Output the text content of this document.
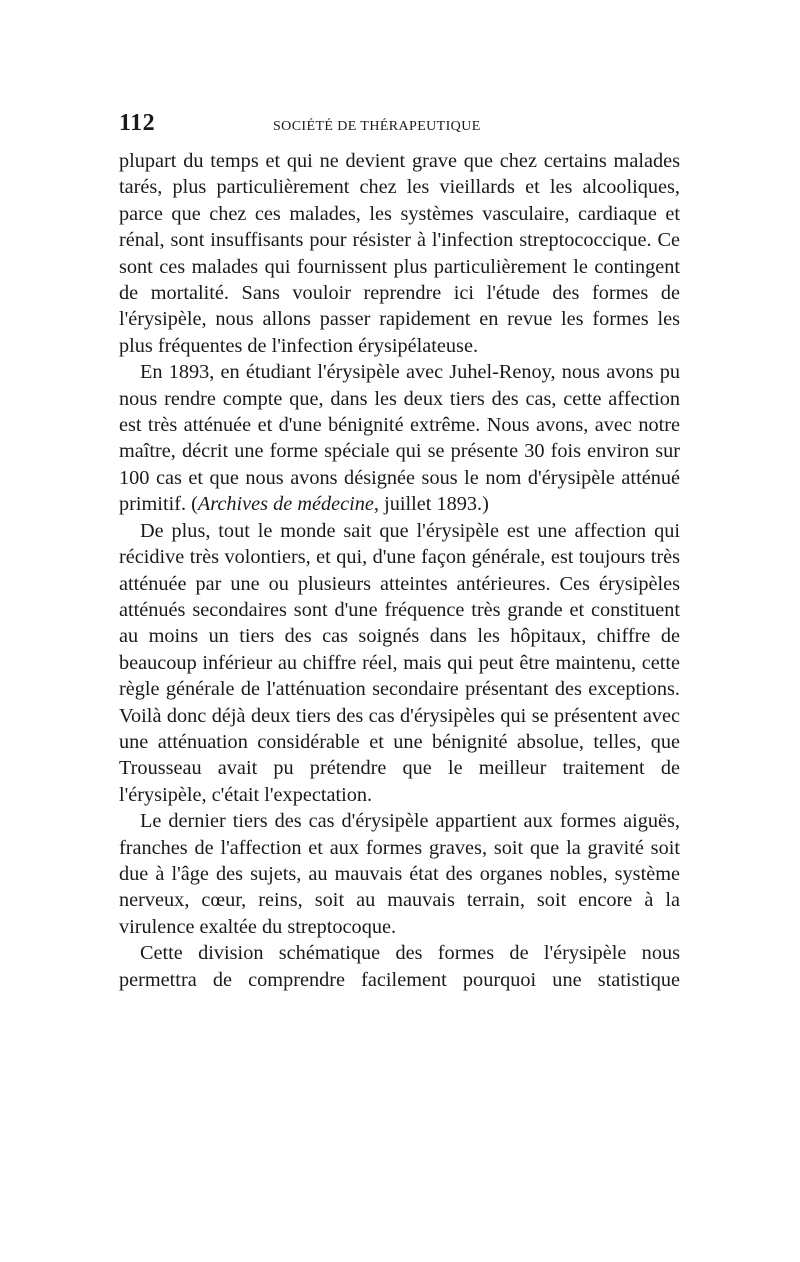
112	SOCIÉTÉ DE THÉRAPEUTIQUE

plupart du temps et qui ne devient grave que chez certains malades tarés, plus particulièrement chez les vieillards et les alcooliques, parce que chez ces malades, les systèmes vasculaire, cardiaque et rénal, sont insuffisants pour résister à l'infection streptococcique. Ce sont ces malades qui fournissent plus particulièrement le contingent de mortalité. Sans vouloir reprendre ici l'étude des formes de l'érysipèle, nous allons passer rapidement en revue les formes les plus fréquentes de l'infection érysipélateuse.

En 1893, en étudiant l'érysipèle avec Juhel-Renoy, nous avons pu nous rendre compte que, dans les deux tiers des cas, cette affection est très atténuée et d'une bénignité extrême. Nous avons, avec notre maître, décrit une forme spéciale qui se présente 30 fois environ sur 100 cas et que nous avons désignée sous le nom d'érysipèle atténué primitif. (Archives de médecine, juillet 1893.)

De plus, tout le monde sait que l'érysipèle est une affection qui récidive très volontiers, et qui, d'une façon générale, est toujours très atténuée par une ou plusieurs atteintes antérieures. Ces érysipèles atténués secondaires sont d'une fréquence très grande et constituent au moins un tiers des cas soignés dans les hôpitaux, chiffre de beaucoup inférieur au chiffre réel, mais qui peut être maintenu, cette règle générale de l'atténuation secondaire présentant des exceptions. Voilà donc déjà deux tiers des cas d'érysipèles qui se présentent avec une atténuation considérable et une bénignité absolue, telles, que Trousseau avait pu prétendre que le meilleur traitement de l'érysipèle, c'était l'expectation.

Le dernier tiers des cas d'érysipèle appartient aux formes aiguës, franches de l'affection et aux formes graves, soit que la gravité soit due à l'âge des sujets, au mauvais état des organes nobles, système nerveux, cœur, reins, soit au mauvais terrain, soit encore à la virulence exaltée du streptocoque.

Cette division schématique des formes de l'érysipèle nous permettra de comprendre facilement pourquoi une statistique
